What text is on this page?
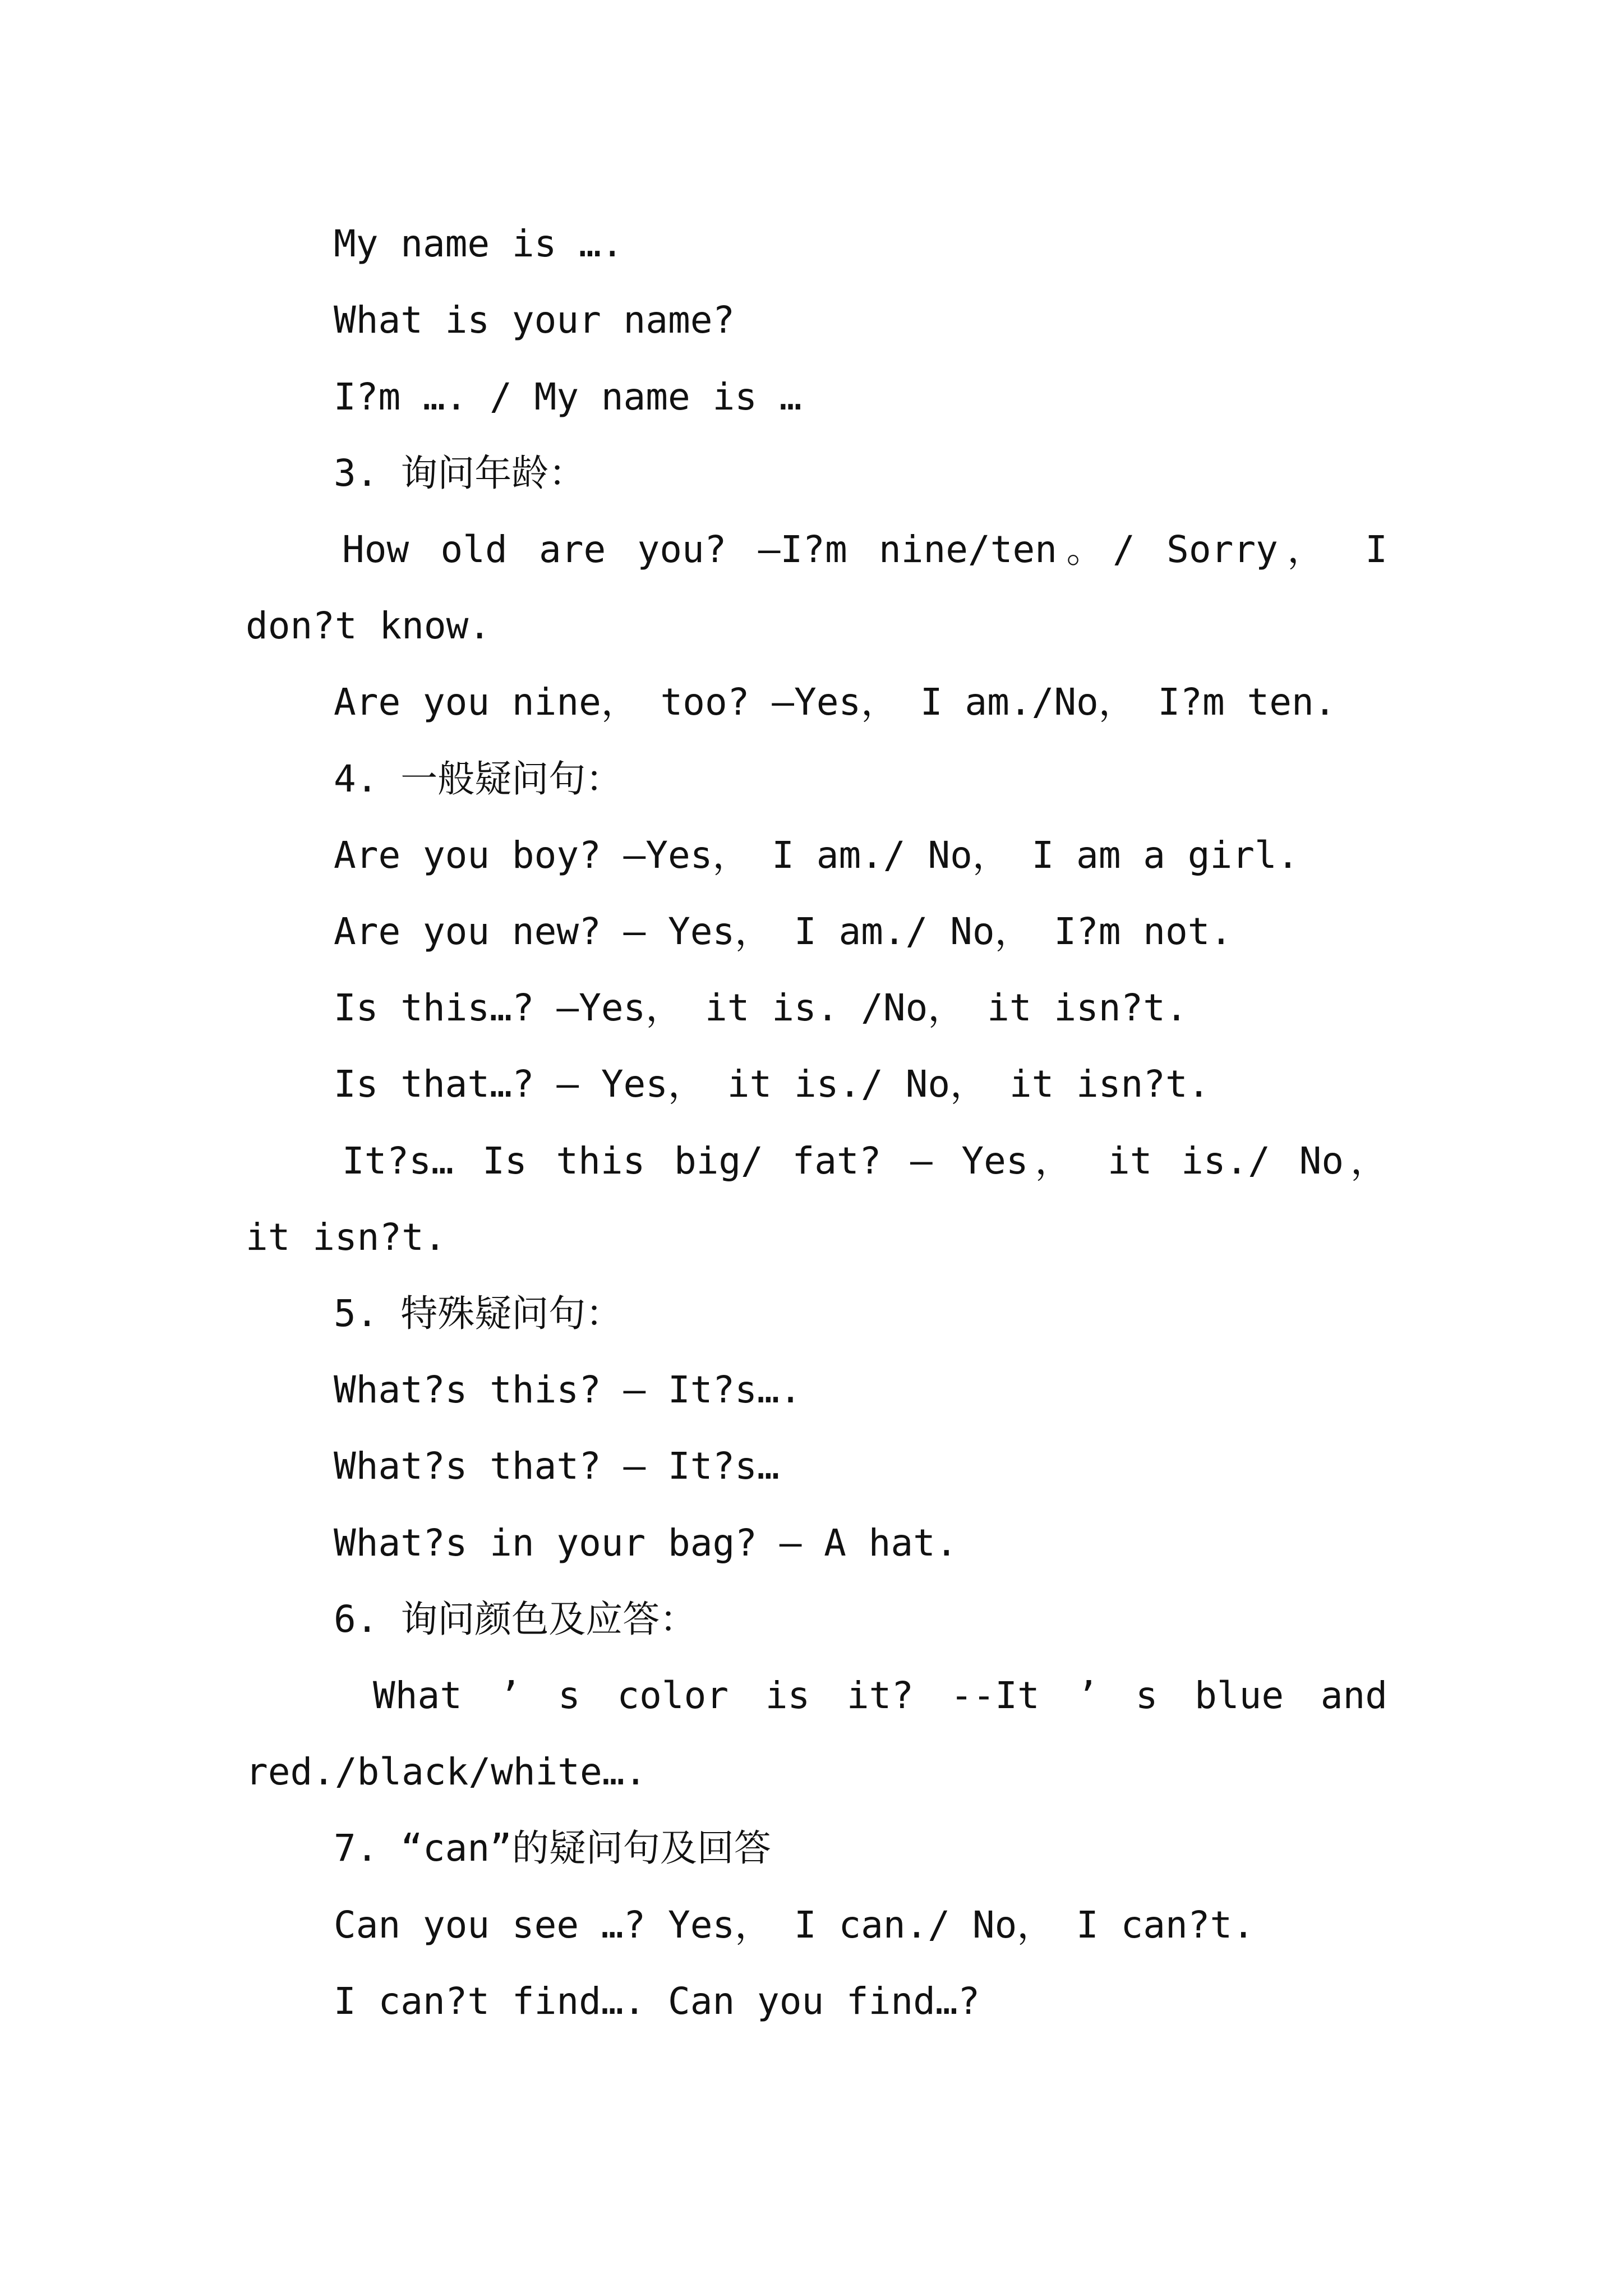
My name is ….
What is your name?
I?m …. / My name is …
3. 询问年龄：
How old are you? —I?m nine/ten。/ Sorry， I
don?t know.
Are you nine， too? —Yes， I am./No， I?m ten.
4. 一般疑问句：
Are you boy? —Yes， I am./ No， I am a girl.
Are you new? — Yes， I am./ No， I?m not.
Is this…? —Yes， it is. /No， it isn?t.
Is that…? — Yes， it is./ No， it isn?t.
It?s… Is this big/ fat? — Yes， it is./ No，
it isn?t.
5. 特殊疑问句：
What?s this? — It?s….
What?s that? — It?s…
What?s in your bag? — A hat.
6. 询问颜色及应答：
What ’ s color is it? --It ’ s blue and
red./black/white….
7. “can”的疑问句及回答
Can you see …? Yes， I can./ No， I can?t.
I can?t find…. Can you find…?
